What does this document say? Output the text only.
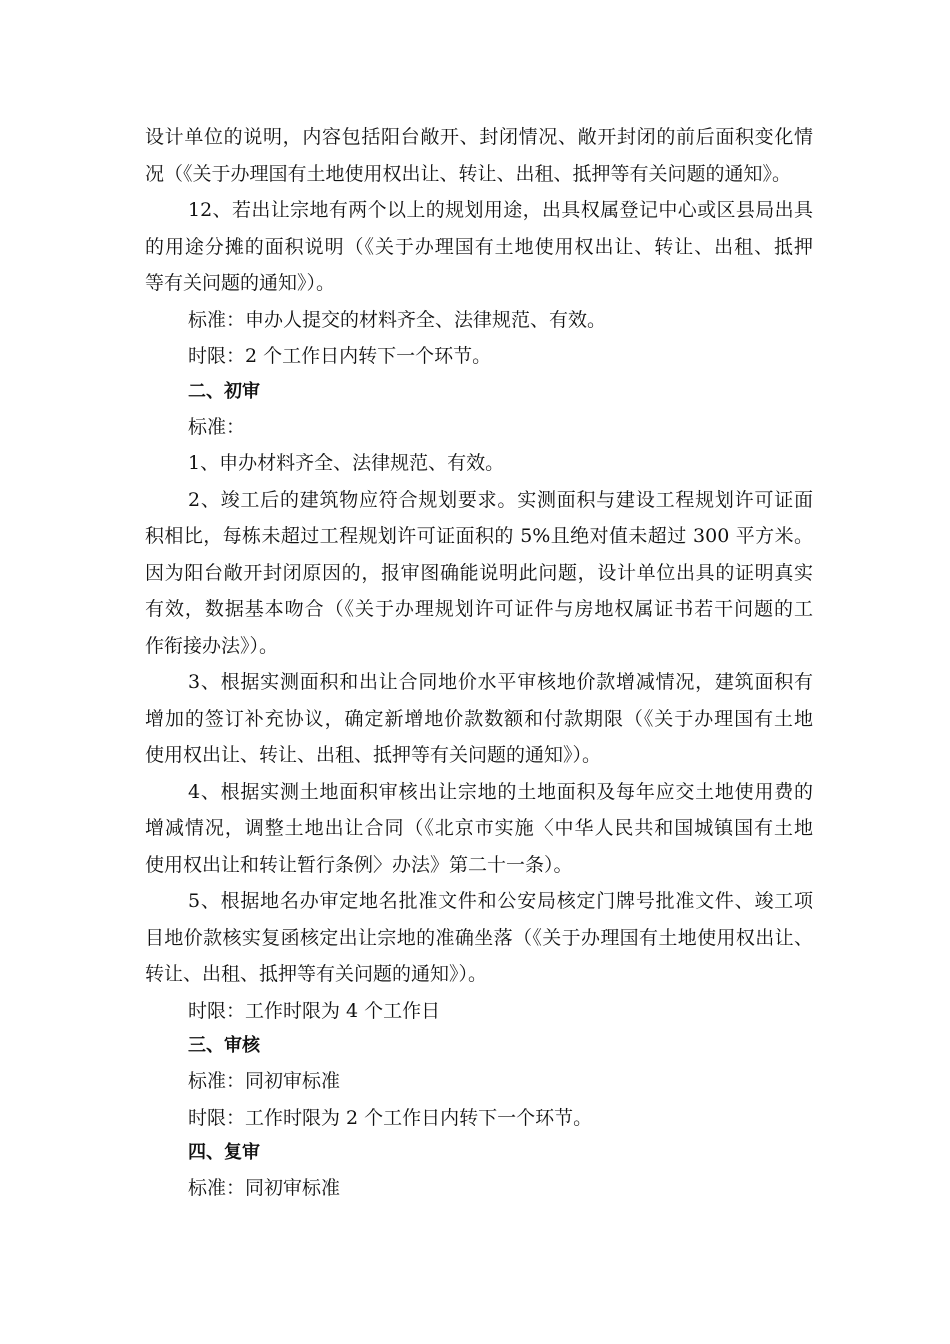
设计单位的说明，内容包括阳台敞开、封闭情况、敞开封闭的前后面积变化情
况（《关于办理国有土地使用权出让、转让、出租、抵押等有关问题的通知》。

12、若出让宗地有两个以上的规划用途，出具权属登记中心或区县局出具
的用途分摊的面积说明（《关于办理国有土地使用权出让、转让、出租、抵押
等有关问题的通知》）。

标准：申办人提交的材料齐全、法律规范、有效。

时限：2 个工作日内转下一个环节。

二、初审

标准：

1、申办材料齐全、法律规范、有效。

2、竣工后的建筑物应符合规划要求。实测面积与建设工程规划许可证面
积相比，每栋未超过工程规划许可证面积的 5%且绝对值未超过 300 平方米。
因为阳台敞开封闭原因的，报审图确能说明此问题，设计单位出具的证明真实
有效，数据基本吻合（《关于办理规划许可证件与房地权属证书若干问题的工
作衔接办法》）。

3、根据实测面积和出让合同地价水平审核地价款增减情况，建筑面积有
增加的签订补充协议，确定新增地价款数额和付款期限（《关于办理国有土地
使用权出让、转让、出租、抵押等有关问题的通知》）。

4、根据实测土地面积审核出让宗地的土地面积及每年应交土地使用费的
增减情况，调整土地出让合同（《北京市实施〈中华人民共和国城镇国有土地
使用权出让和转让暂行条例〉办法》第二十一条）。

5、根据地名办审定地名批准文件和公安局核定门牌号批准文件、竣工项
目地价款核实复函核定出让宗地的准确坐落（《关于办理国有土地使用权出让、
转让、出租、抵押等有关问题的通知》）。

时限：工作时限为 4 个工作日

三、审核

标准：同初审标准

时限：工作时限为 2 个工作日内转下一个环节。

四、复审

标准：同初审标准
